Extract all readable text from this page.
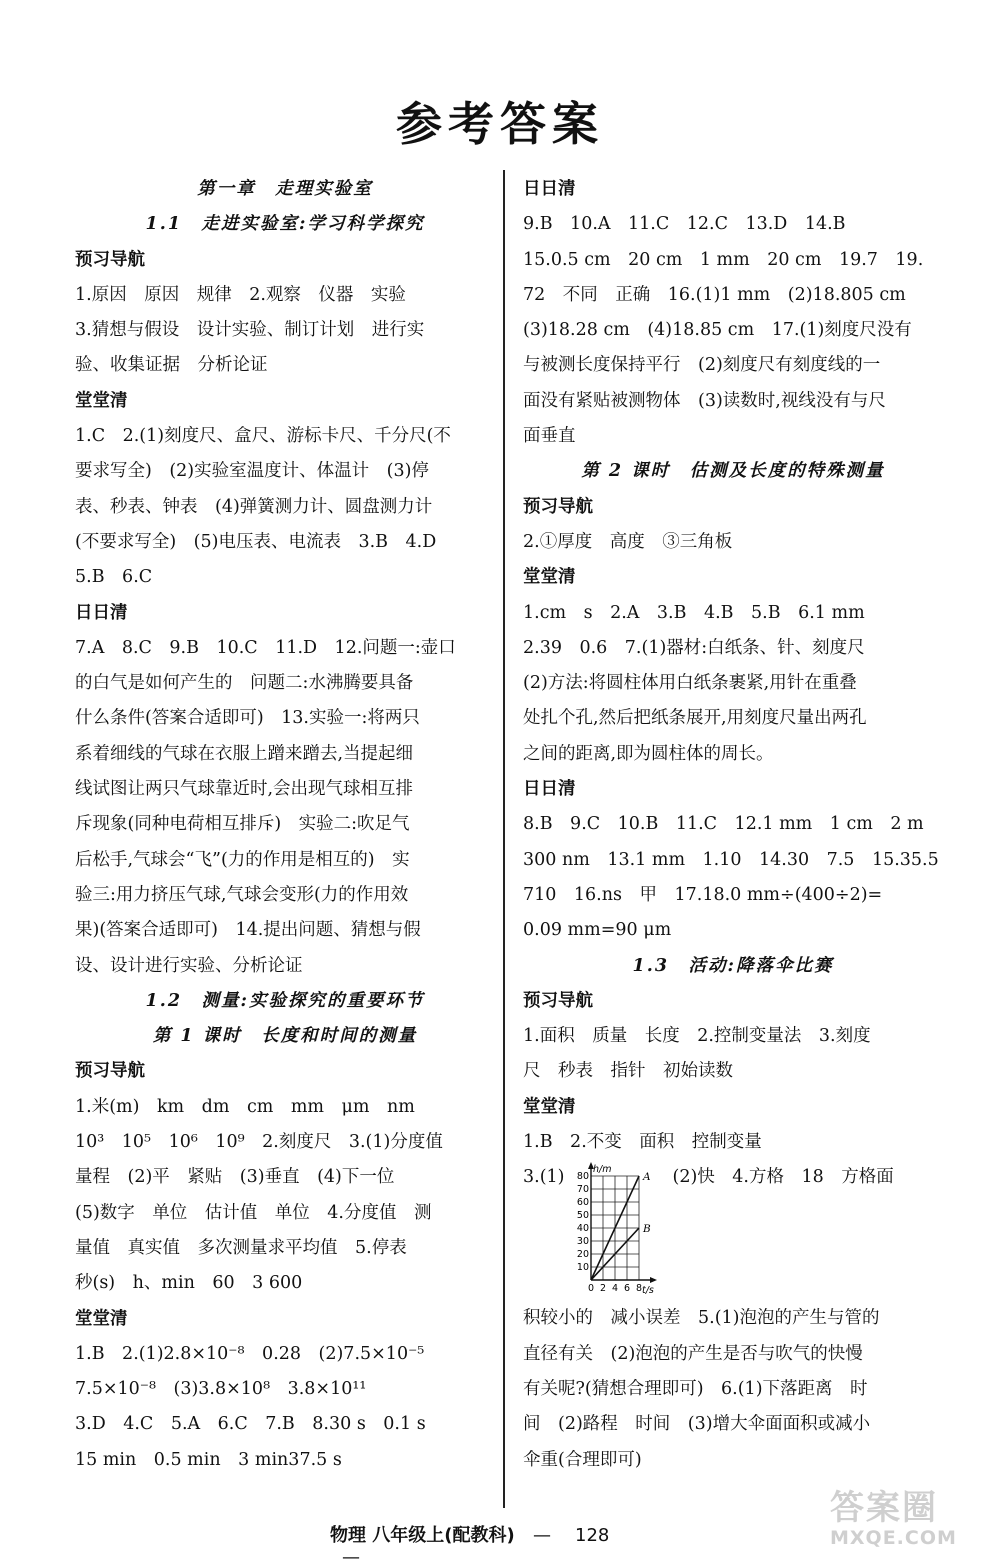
参考答案
第一章　走理实验室
1.1　走进实验室:学习科学探究
预习导航
1.原因　原因　规律　2.观察　仪器　实验
3.猜想与假设　设计实验、制订计划　进行实
验、收集证据　分析论证
堂堂清
1.C　2.(1)刻度尺、盒尺、游标卡尺、千分尺(不
要求写全)　(2)实验室温度计、体温计　(3)停
表、秒表、钟表　(4)弹簧测力计、圆盘测力计
(不要求写全)　(5)电压表、电流表　3.B　4.D
5.B　6.C
日日清
7.A　8.C　9.B　10.C　11.D　12.问题一:壶口
的白气是如何产生的　问题二:水沸腾要具备
什么条件(答案合适即可)　13.实验一:将两只
系着细线的气球在衣服上蹭来蹭去,当提起细
线试图让两只气球靠近时,会出现气球相互排
斥现象(同种电荷相互排斥)　实验二:吹足气
后松手,气球会“飞”(力的作用是相互的)　实
验三:用力挤压气球,气球会变形(力的作用效
果)(答案合适即可)　14.提出问题、猜想与假
设、设计进行实验、分析论证
1.2　测量:实验探究的重要环节
第 1 课时　长度和时间的测量
预习导航
1.米(m)　km　dm　cm　mm　μm　nm
10³　10⁵　10⁶　10⁹　2.刻度尺　3.(1)分度值
量程　(2)平　紧贴　(3)垂直　(4)下一位
(5)数字　单位　估计值　单位　4.分度值　测
量值　真实值　多次测量求平均值　5.停表
秒(s)　h、min　60　3 600
堂堂清
1.B　2.(1)2.8×10⁻⁸　0.28　(2)7.5×10⁻⁵
7.5×10⁻⁸　(3)3.8×10⁸　3.8×10¹¹
3.D　4.C　5.A　6.C　7.B　8.30 s　0.1 s
15 min　0.5 min　3 min37.5 s
日日清
9.B　10.A　11.C　12.C　13.D　14.B
15.0.5 cm　20 cm　1 mm　20 cm　19.7　19.
72　不同　正确　16.(1)1 mm　(2)18.805 cm
(3)18.28 cm　(4)18.85 cm　17.(1)刻度尺没有
与被测长度保持平行　(2)刻度尺有刻度线的一
面没有紧贴被测物体　(3)读数时,视线没有与尺
面垂直
第 2 课时　估测及长度的特殊测量
预习导航
2.①厚度　高度　③三角板
堂堂清
1.cm　s　2.A　3.B　4.B　5.B　6.1 mm
2.39　0.6　7.(1)器材:白纸条、针、刻度尺
(2)方法:将圆柱体用白纸条裹紧,用针在重叠
处扎个孔,然后把纸条展开,用刻度尺量出两孔
之间的距离,即为圆柱体的周长。
日日清
8.B　9.C　10.B　11.C　12.1 mm　1 cm　2 m
300 nm　13.1 mm　1.10　14.30　7.5　15.35.5
710　16.ns　甲　17.18.0 mm÷(400÷2)=
0.09 mm=90 μm
1.3　活动:降落伞比赛
预习导航
1.面积　质量　长度　2.控制变量法　3.刻度
尺　秒表　指针　初始读数
堂堂清
1.B　2.不变　面积　控制变量
3.(1)
10
20
30
40
50
60
70
80
0 2 4 6 8
h/m
t/s
A
B
(2)快　4.方格　18　方格面
积较小的　减小误差　5.(1)泡泡的产生与管的
直径有关　(2)泡泡的产生是否与吹气的快慢
有关呢?(猜想合理即可)　6.(1)下落距离　时
间　(2)路程　时间　(3)增大伞面面积或减小
伞重(合理即可)
物理 八年级上(配教科) — 128—
答案圈
MXQE.COM
